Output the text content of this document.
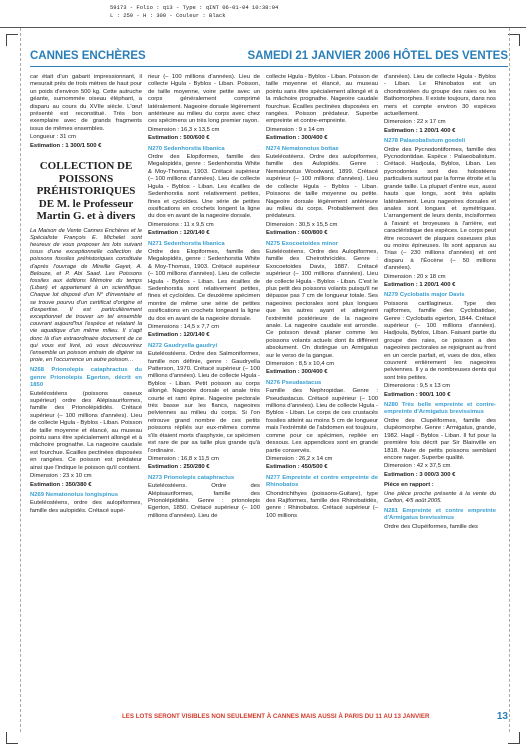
59173 - Folio : q13 - Type : qINT 06-01-04 10:38:04
L : 250 - H : 300 - Couleur : Black
CANNES ENCHÈRES	SAMEDI 21 JANVIER 2006 HÔTEL DES VENTES

car était d'un gabarit impressionnant, il mesurait près de trois mètres de haut pour un poids d'environ 500 kg. Cette autruche géante, surnommée oiseau éléphant, a disparu au cours du XVIIe siècle. L'œuf présenté est reconstitué. Très bon exemplaire avec de grands fragments issus de mêmes ensembles.

Longueur : 31 cm

Estimation : 1 300/1 500 €

COLLECTION DE POISSONS PRÉHISTORIQUES DE M. le Professeur Martin G. et à divers

La Maison de Vente Cannes Enchères et le Spécialiste François E. Michelet sont heureux de vous proposer les lots suivant issus d'une exceptionnelle collection de poissons fossiles préhistoriques constituée d'après l'ouvrage de Mireille Gayet, A. Belouze, et P. Abi Saad. Les Poissons fossiles aux éditions Mémoire du temps (Liban) et appartenant à un scientifique. Chaque lot disposé d'un N° d'inventaire et se trouve pourvu d'un certificat d'origine et d'expertise. Il est particulièrement exceptionnel de trouver un tel ensemble couvrant aujourd'hui l'espèce et relatant la vie aquatique d'un même milieu. Il s'agit donc là d'un extraordinaire document de ce qui vous est livré, où vous découvrirez l'ensemble un poisson entrain de digérer sa proie, en l'occurrence un autre poisson…

N268 Prionolepis cataphractus du genre Prionolepis Egerton, décrit en 1850

Euteléostéens (poissons osseux supérieur) ordre des Alépisauriformes, famille des Prionolépididés. Crétacé supérieur (– 100 millions d'années). Lieu de collecte Hgula - Byblos - Liban. Poisson de taille moyenne et élancé, au museau pointu sans être spécialement allongé et à mâchoire prognathe. La nageoire caudale est fourchue. Écailles pectinées disposées en rangées. Ce poisson est prédateur ainsi que l'indique le poisson qu'il contient.

Dimension : 23 x 10 cm

Estimation : 350/380 €

N269 Nematonotus longispinus

Euteléostéens, ordre des aulopiformes, famille des aulopidés. Crétacé supé-

rieur (– 100 millions d'années). Lieu de collecte Hgula - Byblos - Liban. Poisson, de taille moyenne, voire petite avec un corps généralement comprimé latéralement. Nageoire dorsale légèrement antérieure au milieu du corps avec chez ces spécimens un très long premier rayon.

Dimension : 16,3 x 13,5 cm

Estimation : 500/600 €

N270 Sedenhorstia libanica

Ordre des Elopiformes, famille des Megalopidés, genre : Sedenhorstia White & Moy-Thomas, 1903. Crétacé supérieur (– 100 millions d'années). Lieu de collecte Hgula - Byblos - Liban. Les écailles de Sedenhorstia sont relativement petites, fines et cycloïdes. Une série de petites ossifications en crochets longent la ligne du dos en avant de la nageoire dorsale.

Dimensions : 11 x 9,5 cm

Estimation : 120/140 €

N271 Sedenhorstia libanica

Ordre des Elopiformes, famille des Megalopidés, genre : Sedenhorstia White & Moy-Thomas, 1903. Crétacé supérieur (– 100 millions d'années). Lieu de collecte Hgula - Byblos - Liban. Les écailles de Sedenhorstia sont relativement petites, fines et cycloïdes. Ce deuxième spécimen montre de même une série de petites ossifications en crochets longeant la ligne du dos en avant de la nageoire dorsale.

Dimensions : 14,5 x 7,7 cm

Estimation : 120/140 €

N272 Gaudryella gaudryi

Euteléostéens. Ordre des Salmoniformes, famille non définie, genre : Gaudryella Patterson, 1970. Crétacé supérieur (– 100 millions d'années). Lieu de collecte Hgula - Byblos - Liban. Petit poisson au corps allongé. Nageoire dorsale et anale très courte et rami épine. Nageoire pectorale très basse sur les flancs, nageoires pelviennes au milieu du corps. Si l'on retrouve grand nombre de ces petits poissons répliés sur eux-mêmes comme s'ils étaient morts d'asphyxie, ce spécimen est rare de par sa taille plus grande qu'à l'ordinaire.

Dimension : 16,8 x 11,5 cm

Estimation : 250/280 €

N273 Prionolepis cataphractus

Euteléostéens. Ordre des Alépisauriformes, famille des Prionolépididés. Genre : prionolepis Egerton, 1850. Crétacé supérieur (– 100 millions d'années). Lieu de

collecte Hgula - Byblos - Liban. Poisson de taille moyenne et élancé, au museau pointu sans être spécialement allongé et à la mâchoire prognathe. Nageoire caudale fourchue. Écailles pectinées disposées en rangées. Poisson prédateur. Superbe empreinte et contre-empreinte.

Dimension : 9 x 14 cm

Estimation : 300/400 €

N274 Nematonotus bottae

Euteléostéens. Ordre des aulopiformes, famille des Aulopidés. Genre : Nematonotus Woodward, 1899. Crétacé supérieur (– 100 millions d'années). Lieu de collecte Hgula - Byblos - Liban. Poissons de taille moyenne ou petite. Nageoire dorsale légèrement antérieure au milieu du corps. Probablement des prédateurs.

Dimension : 30,5 x 15,5 cm

Estimation : 600/800 €

N275 Exocoetoides minor

Euteléostéens. Ordre des Aulopiformes, famille des Cheirothricidés. Genre : Exocoetoides Davis, 1887. Crétacé supérieur (– 100 millions d'années). Lieu de collecte Hgula - Byblos - Liban. C'est le plus petit des poissons volants puisqu'il ne dépasse pas 7 cm de longueur totale. Ses nageoires pectorales sont plus longues que les autres ayant et atteignent l'extrémité postérieure de la nageoire anale. La nageoire caudale est arrondie. Ce poisson devait planer comme les poissons volants actuels dont ils diffèrent absolument. On distingue un Armigatus sur le verso de la gangue.

Dimension : 8,5 x 10,4 cm

Estimation : 300/400 €

N276 Pseudastacus

Famille des Nephropidae. Genre : Pseudastacus. Crétacé supérieur (– 100 millions d'années). Lieu de collecte Hgula - Byblos - Liban. Le corps de ces crustacés fossiles atteint au moins 5 cm de longueur mais l'extrémité de l'abdomen est toujours, comme pour ce spécimen, repliée en dessous. Les appendices sont en grande partie conservés.

Dimension : 26,2 x 14 cm

Estimation : 450/500 €

N277 Empreinte et contre empreinte de Rhinobatos

Chondrichthyes (poissons-Guitare), type des Rajiformes, famille des Rhinobatidés, genre : Rhinobatos. Crétacé supérieur (– 100 millions

d'années). Lieu de collecte Hgula - Byblos - Liban. Le Rhinobatos est un chondrostéen du groupe des raies ou les Bathomorphes. Il existe toujours, dans nos mers et compte environ 30 espèces actuellement.

Dimension : 22 x 17 cm

Estimation : 1 200/1 400 €

N278 Palaeobalistum goedeli

Ordre des Pycnodontiformes, famille des Pycnodontidae. Espèce : Palaeobalistum. Crétacé. Hadjoula, Byblos, Liban. Les pycnodontes sont des holostéens particuliers surtout par la forme étroite et la grande taille. La plupart d'entre eux, aussi hauts que longs, sont très aplatis latéralement. Leurs nageoires dorsales et anales sont longues et symétriques. L'arrangement de leurs dents, incisiformes à l'avant et broyeuses à l'arrière, est caractéristique des espèces. Le corps peut être recouvert de plaques osseuses plus ou moins épineuses. Ils sont apparus au Trias (– 230 millions d'années) et ont disparu à l'Éocène (– 50 millions d'années).

Dimension : 20 x 18 cm

Estimation : 1 200/1 400 €

N279 Cyclobatis major Davis

Poissons cartilagineux. Type des rajiformes, famille des Cyclobatidae, Genre : Cyclobatis egerton, 1844. Crétacé supérieur (– 100 millions d'années). Hadjoula, Byblos, Liban. Faisant partie du groupe des raies, ce poisson a des nageoires pectorales se rejoignant au front en un cercle parfait, et, vues de dos, elles couvrent entièrement les nageoires pelviennes. Il y a de nombreuses dents qui sont très petites.

Dimensions : 9,5 x 13 cm

Estimation : 900/1 100 €

N280 Très belle empreinte et contre-empreinte d'Armigatus brevissimus

Ordre des Clupéiformes, famille des clupéomorphe. Genre : Armigatus, grande, 1982. Hagil - Byblos - Liban. Il fut pour la première fois décrit par Sir Blainville en 1818. Nuée de petits poissons semblant encore nager. Superbe qualité.

Dimension : 42 x 37,5 cm

Estimation : 3 000/3 300 €

Pièce en rapport :

Une pièce proche présente à la vente du Carlton, 4/5 août 2005.

N281 Empreinte et contre empreinte d'Armigatus brevissimus

Ordre des Clupéiformes, famille des

LES LOTS SERONT VISIBLES NON SEULEMENT À CANNES MAIS AUSSI À PARIS DU 11 AU 13 JANVIER	13
